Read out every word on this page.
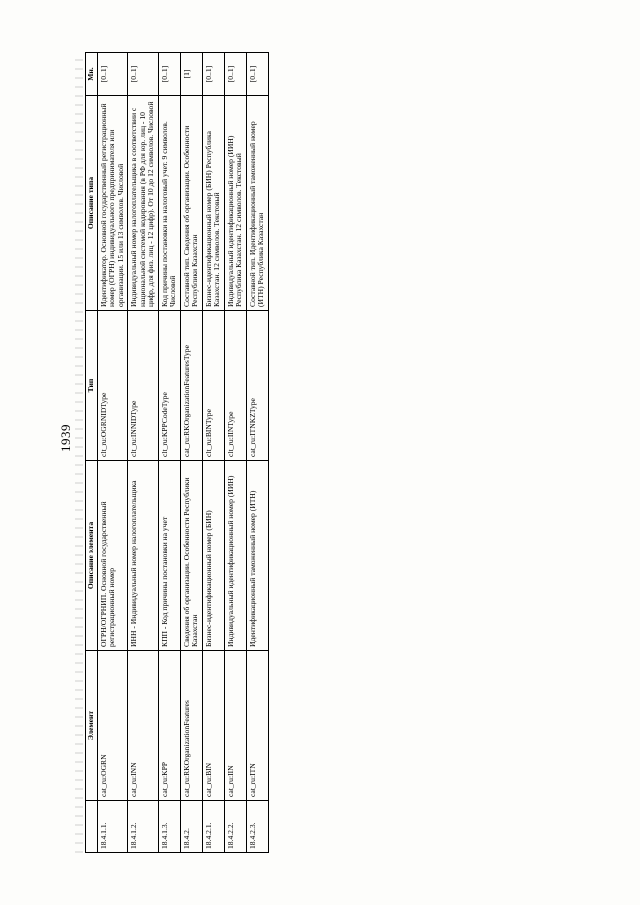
1939
	Элемент	Описание элемента	Тип	Описание типа	Мн.
18.4.1.1.	cat_ru:OGRN	ОГРН/ОГРНИП. Основной государственный регистрационный номер	clt_ru:OGRNIDType	Идентификатор. Основной государственный регистрационный номер (ОГРН) индивидуального предпринимателя или организации. 15 или 13 символов. Числовой	[0..1]
18.4.1.2.	cat_ru:INN	ИНН - Индивидуальный номер налогоплательщика	clt_ru:INNIDType	Индивидуальный номер налогоплательщика в соответствии с национальной системой кодирования (в РФ для юр. лиц - 10 цифр, для физ. лиц - 12 цифр). От 10 до 12 символов. Числовой	[0..1]
18.4.1.3.	cat_ru:KPP	КПП - Код причины постановки на учет	clt_ru:KPPCodeType	Код причины постановки на налоговый учет. 9 символов. Числовой	[0..1]
18.4.2.	cat_ru:RKOrganizationFeatures	Сведения об организации. Особенности Республики Казахстан	cat_ru:RKOrganizationFeaturesType	Составной тип. Сведения об организации. Особенности Республики Казахстан	[1]
18.4.2.1.	cat_ru:BIN	Бизнес-идентификационный номер (БИН)	clt_ru:BINType	Бизнес-идентификационный номер (БИН) Республика Казахстан. 12 символов. Текстовый	[0..1]
18.4.2.2.	cat_ru:IIN	Индивидуальный идентификационный номер (ИИН)	clt_ru:IINType	Индивидуальный идентификационный номер (ИИН) Республика Казахстан. 12 символов. Текстовый	[0..1]
18.4.2.3.	cat_ru:ITN	Идентификационный таможенный номер (ИТН)	cat_ru:ITNKZType	Составной тип. Идентификационный таможенный номер (ИТН) Республика Казахстан	[0..1]
